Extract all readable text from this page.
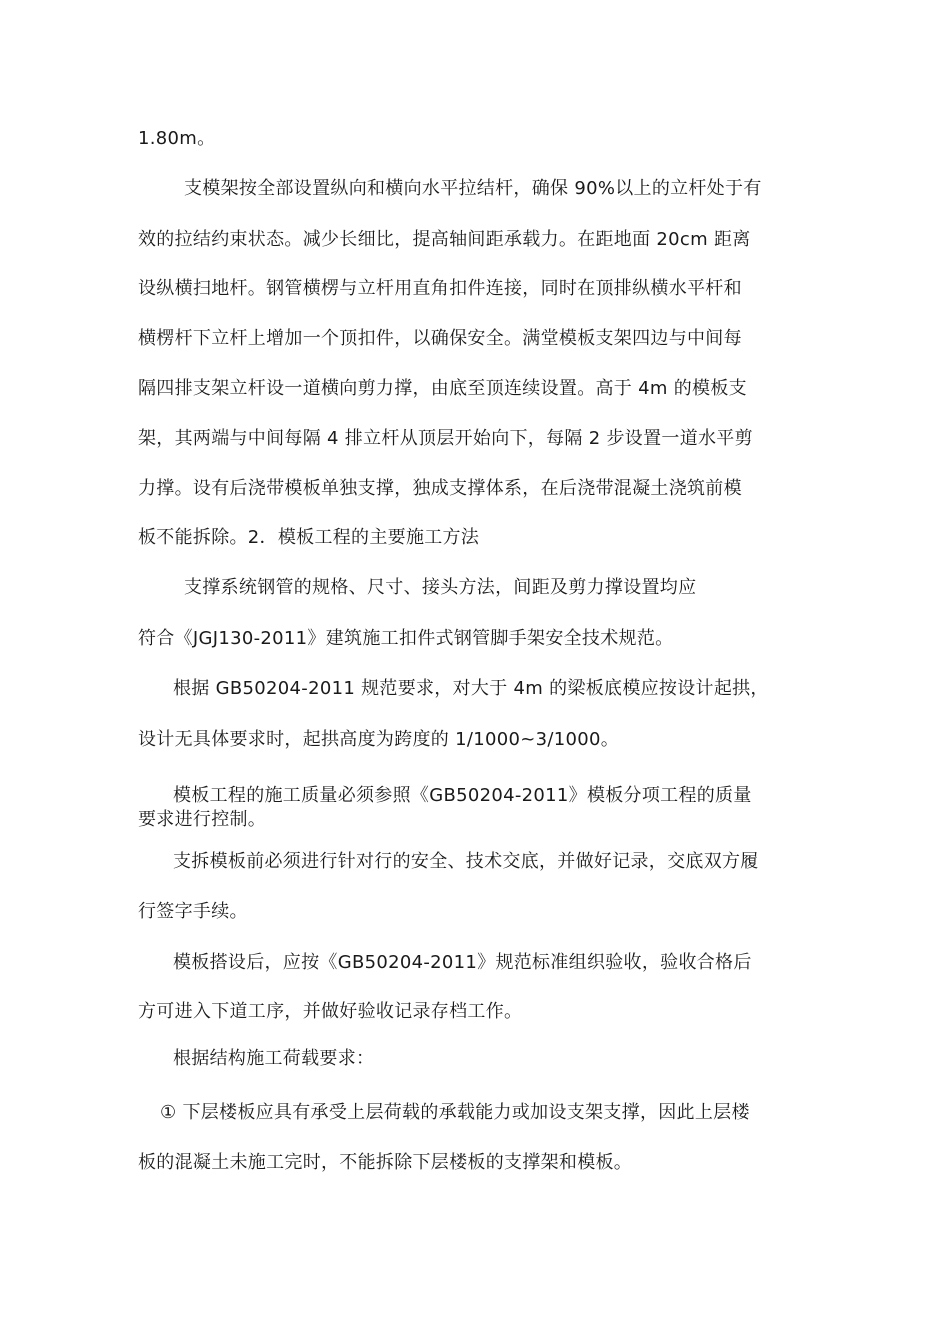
1.80m。
支模架按全部设置纵向和横向水平拉结杆，确保 90%以上的立杆处于有
效的拉结约束状态。减少长细比，提高轴间距承载力。在距地面 20cm 距离
设纵横扫地杆。钢管横楞与立杆用直角扣件连接，同时在顶排纵横水平杆和
横楞杆下立杆上增加一个顶扣件，以确保安全。满堂模板支架四边与中间每
隔四排支架立杆设一道横向剪力撑，由底至顶连续设置。高于 4m 的模板支
架，其两端与中间每隔 4 排立杆从顶层开始向下，每隔 2 步设置一道水平剪
力撑。设有后浇带模板单独支撑，独成支撑体系，在后浇带混凝土浇筑前模
板不能拆除。2．模板工程的主要施工方法
支撑系统钢管的规格、尺寸、接头方法，间距及剪力撑设置均应
符合《JGJ130-2011》建筑施工扣件式钢管脚手架安全技术规范。
根据 GB50204-2011 规范要求，对大于 4m 的梁板底模应按设计起拱，
设计无具体要求时，起拱高度为跨度的 1/1000~3/1000。
模板工程的施工质量必须参照《GB50204-2011》模板分项工程的质量
要求进行控制。
支拆模板前必须进行针对行的安全、技术交底，并做好记录，交底双方履
行签字手续。
模板搭设后，应按《GB50204-2011》规范标准组织验收，验收合格后
方可进入下道工序，并做好验收记录存档工作。
根据结构施工荷载要求：
① 下层楼板应具有承受上层荷载的承载能力或加设支架支撑，因此上层楼
板的混凝土未施工完时，不能拆除下层楼板的支撑架和模板。
